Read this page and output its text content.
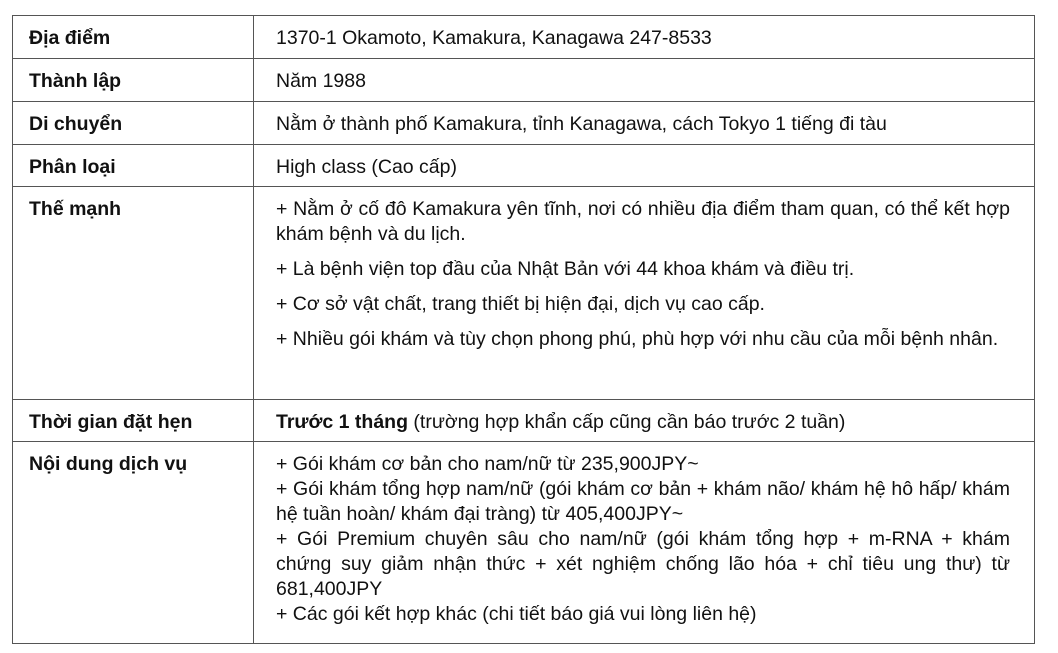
Địa điểm	1370-1 Okamoto, Kamakura, Kanagawa 247-8533
Thành lập	Năm 1988
Di chuyển	Nằm ở thành phố Kamakura, tỉnh Kanagawa, cách Tokyo 1 tiếng đi tàu
Phân loại	High class (Cao cấp)
Thế mạnh	+ Nằm ở cố đô Kamakura yên tĩnh, nơi có nhiều địa điểm tham quan, có thể kết hợp khám bệnh và du lịch.

+ Là bệnh viện top đầu của Nhật Bản với 44 khoa khám và điều trị.

+ Cơ sở vật chất, trang thiết bị hiện đại, dịch vụ cao cấp.

+ Nhiều gói khám và tùy chọn phong phú, phù hợp với nhu cầu của mỗi bệnh nhân.

Thời gian đặt hẹn	Trước 1 tháng (trường hợp khẩn cấp cũng cần báo trước 2 tuần)
Nội dung dịch vụ	+ Gói khám cơ bản cho nam/nữ từ 235,900JPY~

+ Gói khám tổng hợp nam/nữ (gói khám cơ bản + khám não/ khám hệ hô hấp/ khám hệ tuần hoàn/ khám đại tràng) từ 405,400JPY~

+ Gói Premium chuyên sâu cho nam/nữ (gói khám tổng hợp + m-RNA + khám chứng suy giảm nhận thức + xét nghiệm chống lão hóa + chỉ tiêu ung thư) từ 681,400JPY

+ Các gói kết hợp khác (chi tiết báo giá vui lòng liên hệ)
